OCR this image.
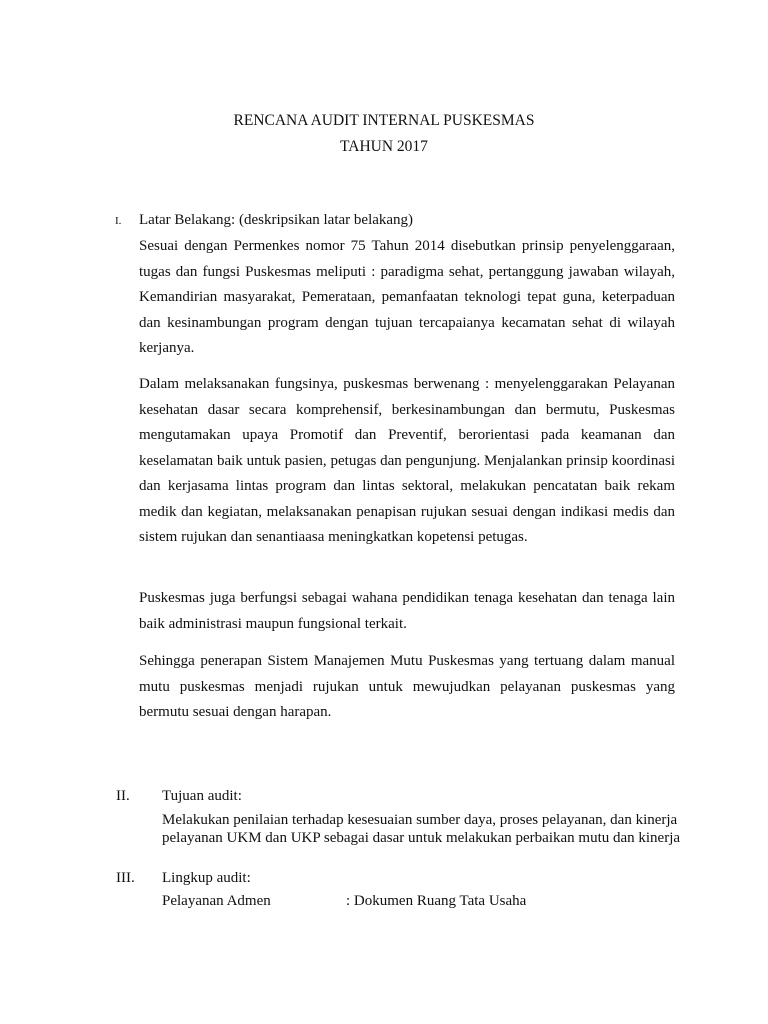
RENCANA AUDIT INTERNAL PUSKESMAS
TAHUN 2017
I. Latar Belakang: (deskripsikan latar belakang)
Sesuai dengan Permenkes nomor 75 Tahun 2014 disebutkan prinsip penyelenggaraan, tugas dan fungsi Puskesmas meliputi : paradigma sehat, pertanggung jawaban wilayah, Kemandirian masyarakat, Pemerataan, pemanfaatan teknologi tepat guna, keterpaduan dan kesinambungan program dengan tujuan tercapaianya kecamatan sehat di wilayah kerjanya.
Dalam melaksanakan fungsinya, puskesmas berwenang : menyelenggarakan Pelayanan kesehatan dasar secara komprehensif, berkesinambungan dan bermutu, Puskesmas mengutamakan upaya Promotif dan Preventif, berorientasi pada keamanan dan keselamatan baik untuk pasien, petugas dan pengunjung. Menjalankan prinsip koordinasi dan kerjasama lintas program dan lintas sektoral, melakukan pencatatan baik rekam medik dan kegiatan, melaksanakan penapisan rujukan sesuai dengan indikasi medis dan sistem rujukan dan senantiaasa meningkatkan kopetensi petugas.
Puskesmas juga berfungsi sebagai wahana pendidikan tenaga kesehatan dan tenaga lain baik administrasi maupun fungsional terkait.
Sehingga penerapan Sistem Manajemen Mutu Puskesmas yang tertuang dalam manual mutu puskesmas menjadi rujukan untuk mewujudkan pelayanan puskesmas yang bermutu sesuai dengan harapan.
II. Tujuan audit:
Melakukan penilaian terhadap kesesuaian sumber daya, proses pelayanan, dan kinerja pelayanan UKM dan UKP sebagai dasar untuk melakukan perbaikan mutu dan kinerja
III. Lingkup audit:
Pelayanan Admen	: Dokumen Ruang Tata Usaha
